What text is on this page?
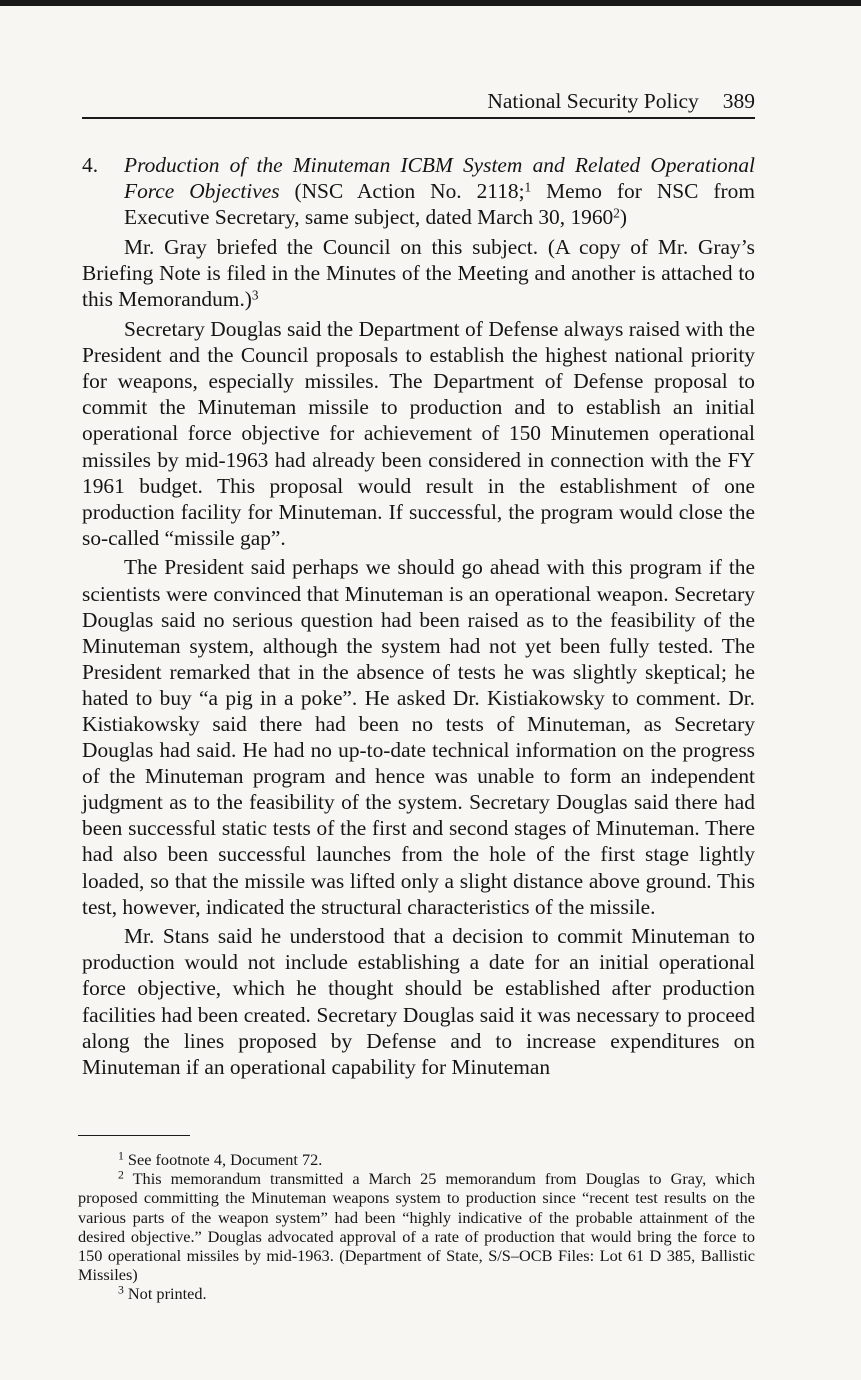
National Security Policy 389
4. Production of the Minuteman ICBM System and Related Operational Force Objectives (NSC Action No. 2118;$^1$ Memo for NSC from Executive Secretary, same subject, dated March 30, 1960$^2$)

Mr. Gray briefed the Council on this subject. (A copy of Mr. Gray’s Briefing Note is filed in the Minutes of the Meeting and another is attached to this Memorandum.)$^3$

Secretary Douglas said the Department of Defense always raised with the President and the Council proposals to establish the highest national priority for weapons, especially missiles. The Department of Defense proposal to commit the Minuteman missile to production and to establish an initial operational force objective for achievement of 150 Minutemen operational missiles by mid-1963 had already been considered in connection with the FY 1961 budget. This proposal would result in the establishment of one production facility for Minuteman. If successful, the program would close the so-called “missile gap”.

The President said perhaps we should go ahead with this program if the scientists were convinced that Minuteman is an operational weapon. Secretary Douglas said no serious question had been raised as to the feasibility of the Minuteman system, although the system had not yet been fully tested. The President remarked that in the absence of tests he was slightly skeptical; he hated to buy “a pig in a poke”. He asked Dr. Kistiakowsky to comment. Dr. Kistiakowsky said there had been no tests of Minuteman, as Secretary Douglas had said. He had no up-to-date technical information on the progress of the Minuteman program and hence was unable to form an independent judgment as to the feasibility of the system. Secretary Douglas said there had been successful static tests of the first and second stages of Minuteman. There had also been successful launches from the hole of the first stage lightly loaded, so that the missile was lifted only a slight distance above ground. This test, however, indicated the structural characteristics of the missile.

Mr. Stans said he understood that a decision to commit Minuteman to production would not include establishing a date for an initial operational force objective, which he thought should be established after production facilities had been created. Secretary Douglas said it was necessary to proceed along the lines proposed by Defense and to increase expenditures on Minuteman if an operational capability for Minuteman

$^1$ See footnote 4, Document 72.

$^2$ This memorandum transmitted a March 25 memorandum from Douglas to Gray, which proposed committing the Minuteman weapons system to production since “recent test results on the various parts of the weapon system” had been “highly indicative of the probable attainment of the desired objective.” Douglas advocated approval of a rate of production that would bring the force to 150 operational missiles by mid-1963. (Department of State, S/S–OCB Files: Lot 61 D 385, Ballistic Missiles)

$^3$ Not printed.
